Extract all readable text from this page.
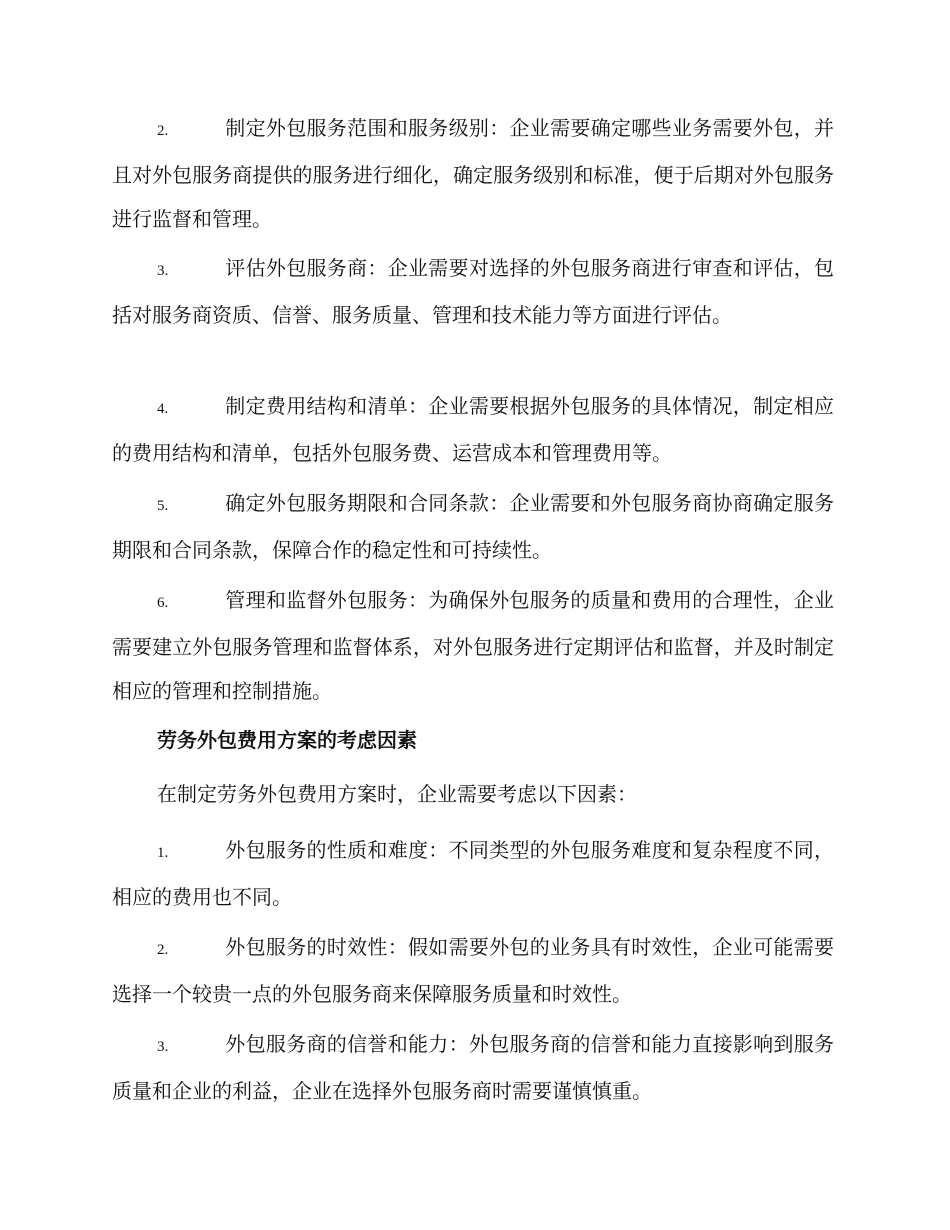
2.	制定外包服务范围和服务级别：企业需要确定哪些业务需要外包，并且对外包服务商提供的服务进行细化，确定服务级别和标准，便于后期对外包服务进行监督和管理。

3.	评估外包服务商：企业需要对选择的外包服务商进行审查和评估，包括对服务商资质、信誉、服务质量、管理和技术能力等方面进行评估。

4.	制定费用结构和清单：企业需要根据外包服务的具体情况，制定相应的费用结构和清单，包括外包服务费、运营成本和管理费用等。

5.	确定外包服务期限和合同条款：企业需要和外包服务商协商确定服务期限和合同条款，保障合作的稳定性和可持续性。

6.	管理和监督外包服务：为确保外包服务的质量和费用的合理性，企业需要建立外包服务管理和监督体系，对外包服务进行定期评估和监督，并及时制定相应的管理和控制措施。

劳务外包费用方案的考虑因素

在制定劳务外包费用方案时，企业需要考虑以下因素：

1.	外包服务的性质和难度：不同类型的外包服务难度和复杂程度不同，相应的费用也不同。

2.	外包服务的时效性：假如需要外包的业务具有时效性，企业可能需要选择一个较贵一点的外包服务商来保障服务质量和时效性。

3.	外包服务商的信誉和能力：外包服务商的信誉和能力直接影响到服务质量和企业的利益，企业在选择外包服务商时需要谨慎慎重。
